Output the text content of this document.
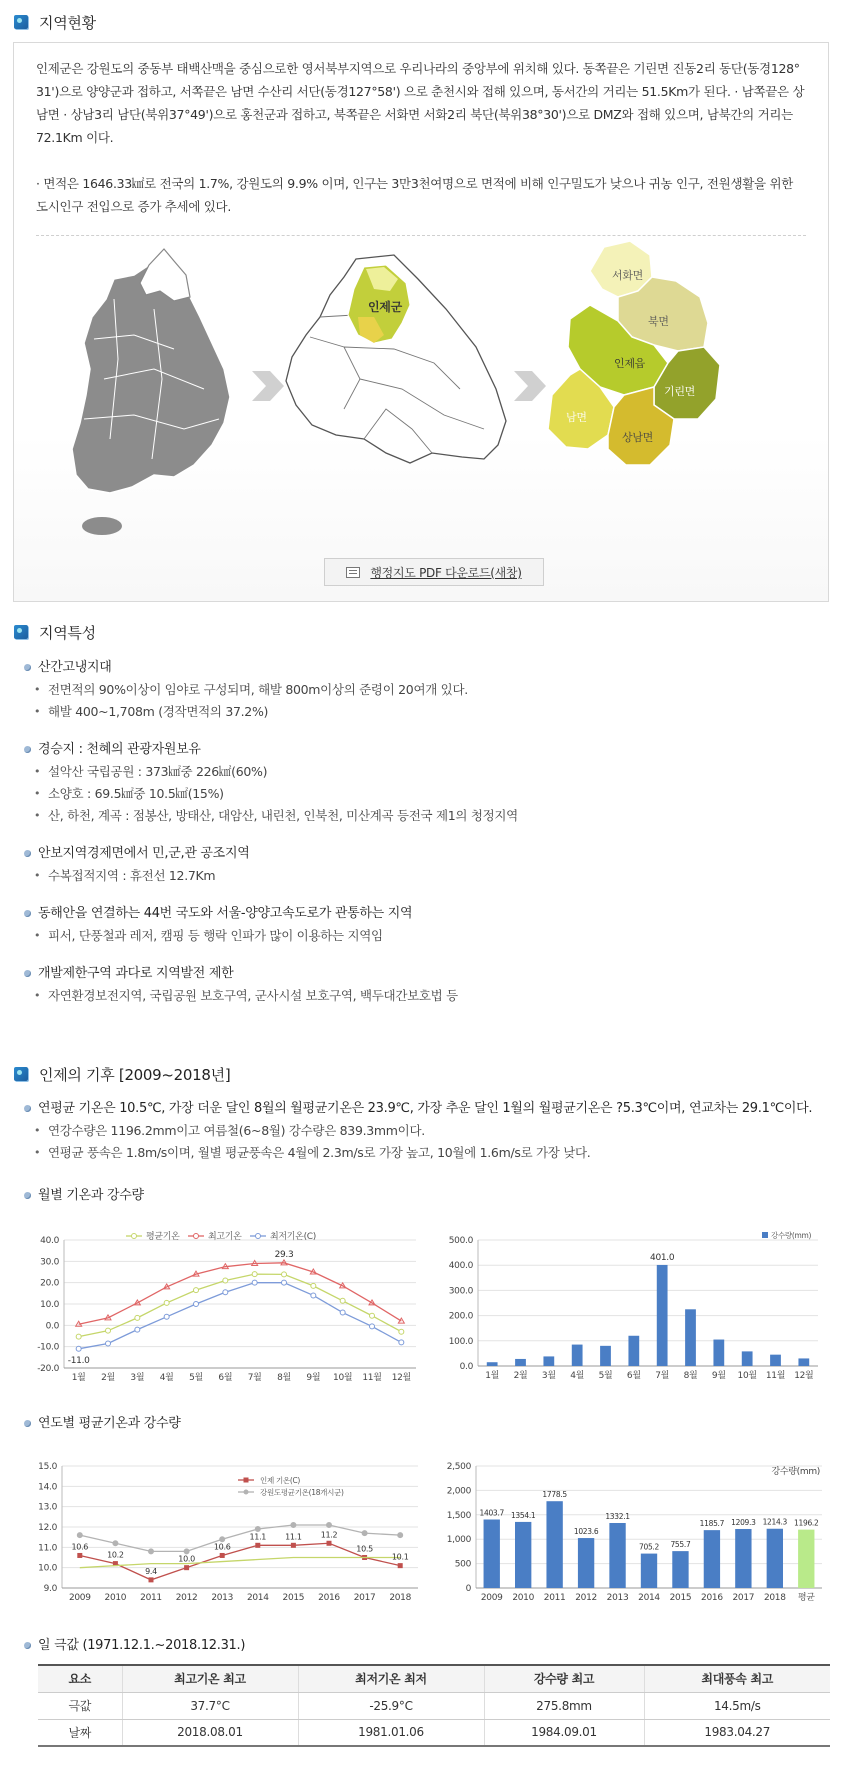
지역현황

인제군은 강원도의 중동부 태백산맥을 중심으로한 영서북부지역으로 우리나라의 중앙부에 위치해 있다. 동쪽끝은 기린면 진동2리 동단(동경128° 31')으로 양양군과 접하고, 서쪽끝은 남면 수산리 서단(동경127°58') 으로 춘천시와 접해 있으며, 동서간의 거리는 51.5Km가 된다. · 남쪽끝은 상남면 · 상남3리 남단(북위37°49')으로 홍천군과 접하고, 북쪽끝은 서화면 서화2리 북단(북위38°30')으로 DMZ와 접해 있으며, 남북간의 거리는 72.1Km 이다.

· 면적은 1646.33㎢로 전국의 1.7%, 강원도의 9.9% 이며, 인구는 3만3천여명으로 면적에 비해 인구밀도가 낮으나 귀농 인구, 전원생활을 위한 도시인구 전입으로 증가 추세에 있다.

인제군
서화면
북면
인제읍
남면
기린면
상남면
행정지도 PDF 다운로드(새창)
지역특성
산간고냉지대
• 전면적의 90%이상이 임야로 구성되며, 해발 800m이상의 준령이 20여개 있다.
• 해발 400~1,708m (경작면적의 37.2%)
경승지 : 천혜의 관광자원보유
• 설악산 국립공원 : 373㎢중 226㎢(60%)
• 소양호 : 69.5㎢중 10.5㎢(15%)
• 산, 하천, 계곡 : 점봉산, 방태산, 대암산, 내린천, 인북천, 미산계곡 등전국 제1의 청정지역
안보지역경제면에서 민,군,관 공조지역
• 수복접적지역 : 휴전선 12.7Km
동해안을 연결하는 44번 국도와 서울-양양고속도로가 관통하는 지역
• 피서, 단풍철과 레저, 캠핑 등 행락 인파가 많이 이용하는 지역임
개발제한구역 과다로 지역발전 제한
• 자연환경보전지역, 국립공원 보호구역, 군사시설 보호구역, 백두대간보호법 등
인제의 기후 [2009~2018년]
연평균 기온은 10.5℃, 가장 더운 달인 8월의 월평균기온은 23.9℃, 가장 추운 달인 1월의 월평균기온은 ?5.3℃이며, 연교차는 29.1℃이다.
• 연강수량은 1196.2mm이고 여름철(6~8월) 강수량은 839.3mm이다.
• 연평균 풍속은 1.8m/s이며, 월별 평균풍속은 4월에 2.3m/s로 가장 높고, 10월에 1.6m/s로 가장 낮다.
월별 기온과 강수량
40.0
30.0
20.0
10.0
0.0
-10.0
-20.0
1월 2월 3월 4월 5월 6월 7월 8월 9월 10월 11월 12월
평균기온	최고기온	최저기온(C)
29.3
-11.0
500.0
400.0
300.0
200.0
100.0
0.0
1월 2월 3월 4월 5월 6월 7월 8월 9월 10월 11월 12월
401.0
강수량(mm)
연도별 평균기온과 강수량
15.0
14.0
13.0
12.0
11.0
10.0
9.0
2009 2010 2011 2012 2013 2014 2015 2016 2017 2018
인제 기온(C)
강원도평균기온(18개시군)
10.6
10.2
9.4
10.0
10.6
11.1 11.1 11.2
10.5
10.1
2,500
2,000
1,500
1,000
500
0
2009 2010 2011 2012 2013 2014 2015 2016 2017 2018 평균
1403.7 1354.1
1778.5
1023.6
1332.1
705.2 755.7
1185.7 1209.3 1214.3 1196.2
강수량(mm)
일 극값 (1971.12.1.~2018.12.31.)
요소	최고기온 최고	최저기온 최저	강수량 최고	최대풍속 최고
극값	37.7°C	-25.9°C	275.8mm	14.5m/s
날짜	2018.08.01	1981.01.06	1984.09.01	1983.04.27
